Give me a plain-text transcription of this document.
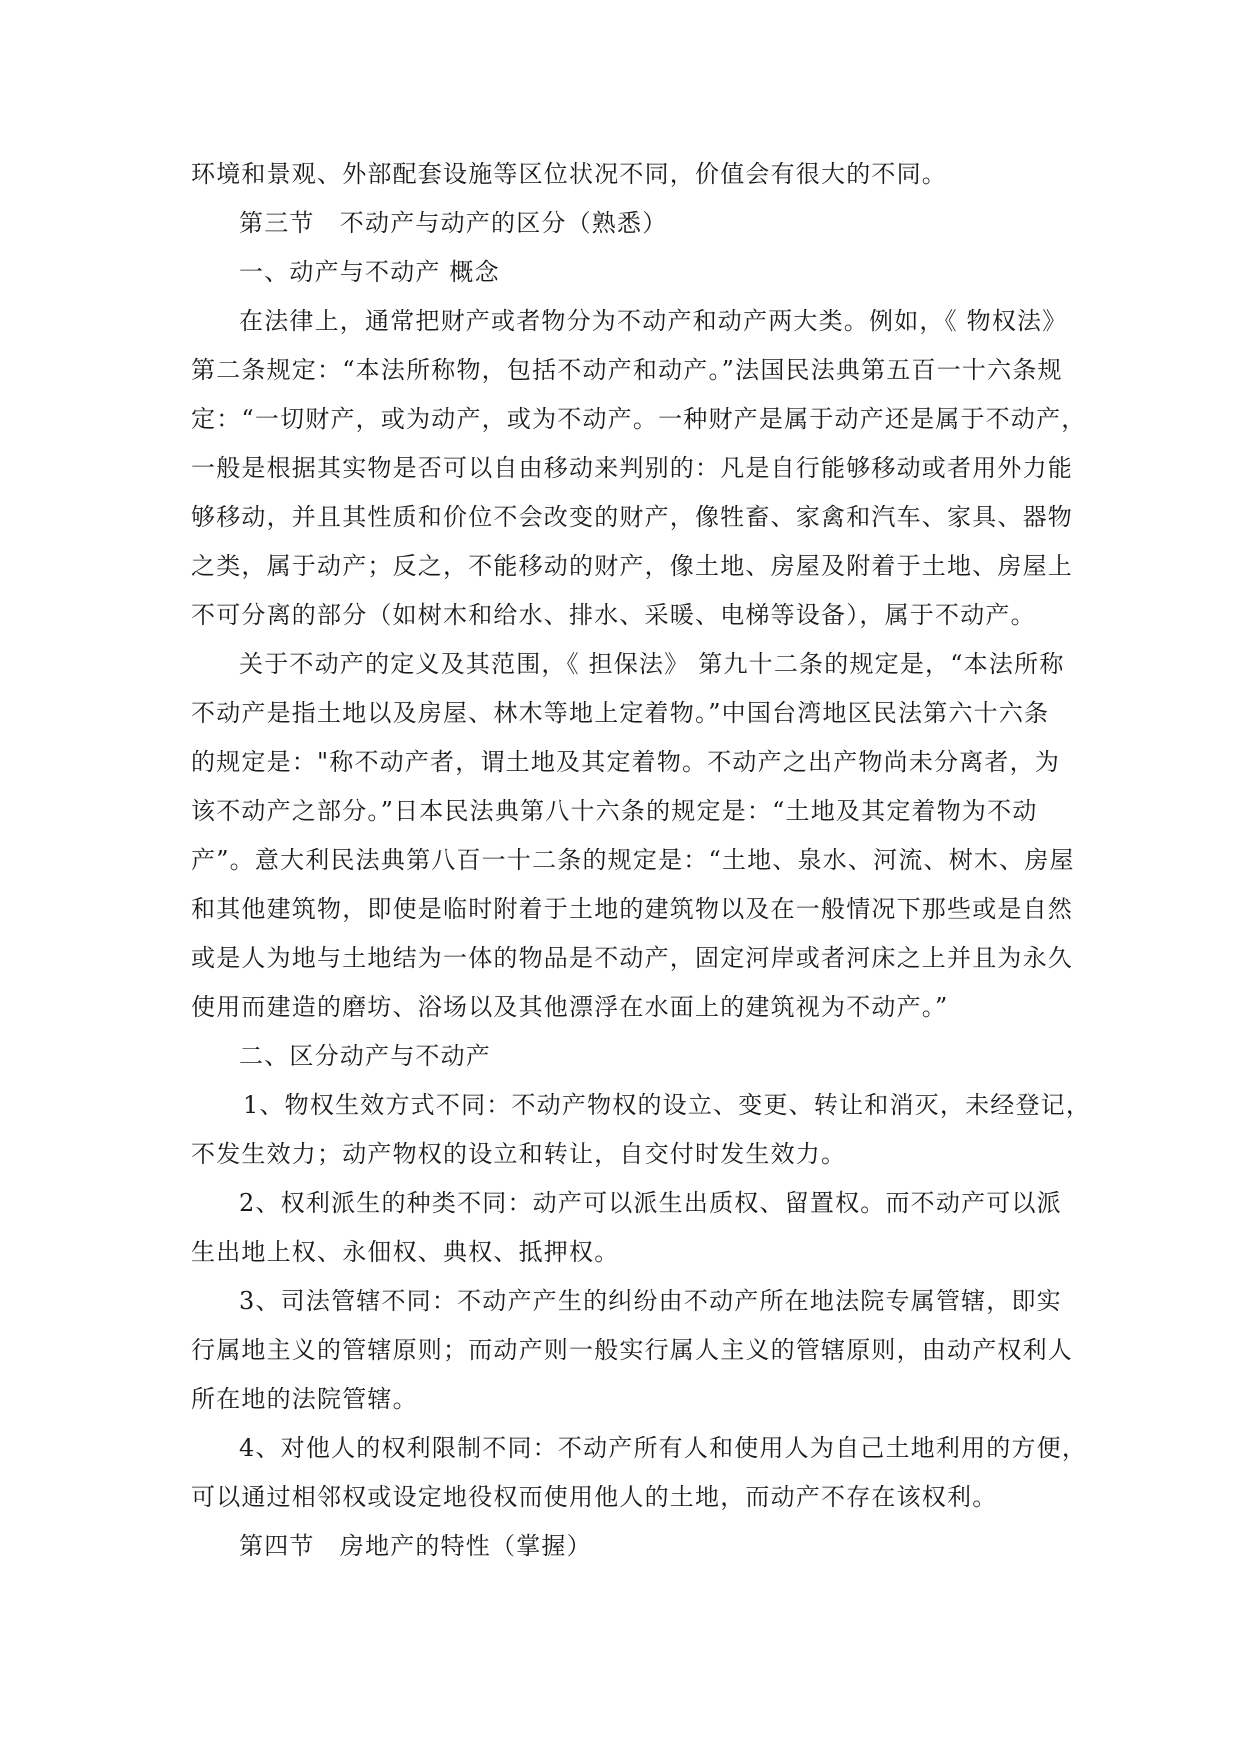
环境和景观、外部配套设施等区位状况不同，价值会有很大的不同。
第三节　不动产与动产的区分（熟悉）
一、动产与不动产 概念
在法律上，通常把财产或者物分为不动产和动产两大类。例如，《 物权法》
第二条规定：“本法所称物，包括不动产和动产。”法国民法典第五百一十六条规
定：“一切财产，或为动产，或为不动产。一种财产是属于动产还是属于不动产，
一般是根据其实物是否可以自由移动来判别的：凡是自行能够移动或者用外力能
够移动，并且其性质和价位不会改变的财产，像牲畜、家禽和汽车、家具、器物
之类，属于动产；反之，不能移动的财产，像土地、房屋及附着于土地、房屋上
不可分离的部分（如树木和给水、排水、采暖、电梯等设备），属于不动产。
关于不动产的定义及其范围，《 担保法》 第九十二条的规定是，“本法所称
不动产是指土地以及房屋、林木等地上定着物。”中国台湾地区民法第六十六条
的规定是："称不动产者，谓土地及其定着物。不动产之出产物尚未分离者，为
该不动产之部分。”日本民法典第八十六条的规定是：“土地及其定着物为不动
产”。意大利民法典第八百一十二条的规定是：“土地、泉水、河流、树木、房屋
和其他建筑物，即使是临时附着于土地的建筑物以及在一般情况下那些或是自然
或是人为地与土地结为一体的物品是不动产，固定河岸或者河床之上并且为永久
使用而建造的磨坊、浴场以及其他漂浮在水面上的建筑视为不动产。”
二、区分动产与不动产
1、物权生效方式不同：不动产物权的设立、变更、转让和消灭，未经登记，
不发生效力；动产物权的设立和转让，自交付时发生效力。
2、权利派生的种类不同：动产可以派生出质权、留置权。而不动产可以派
生出地上权、永佃权、典权、抵押权。
3、司法管辖不同：不动产产生的纠纷由不动产所在地法院专属管辖，即实
行属地主义的管辖原则；而动产则一般实行属人主义的管辖原则，由动产权利人
所在地的法院管辖。
4、对他人的权利限制不同：不动产所有人和使用人为自己土地利用的方便，
可以通过相邻权或设定地役权而使用他人的土地，而动产不存在该权利。
第四节　房地产的特性（掌握）
